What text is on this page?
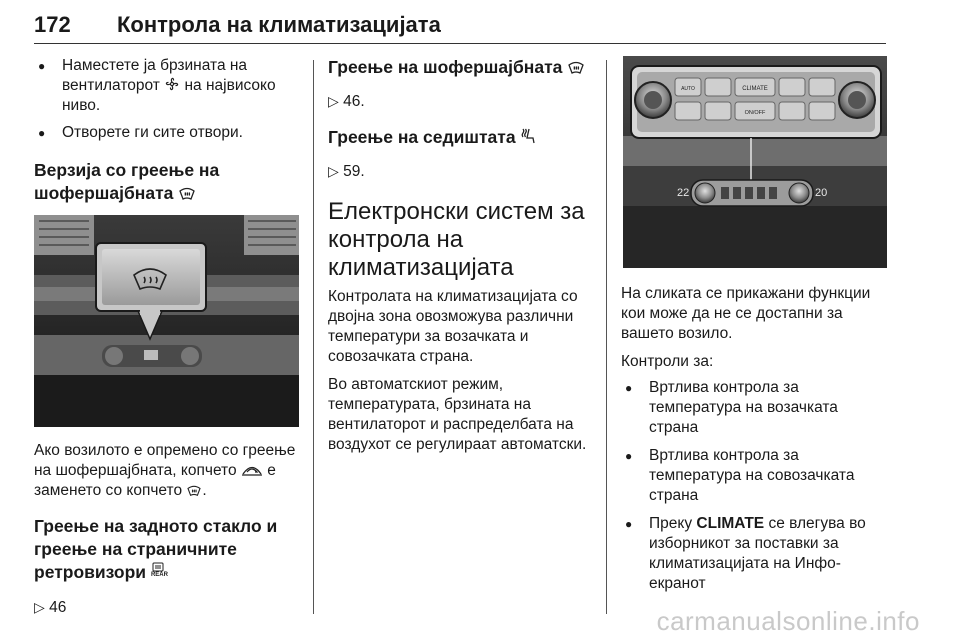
172 Контрола на климатизацијата
● Наместете ја брзината на вентилаторот на највисоко ниво.
● Отворете ги сите отвори.
Верзија со греење на шофершајбната

Ако возилото е опремено со греење на шофершајбната, копчето е заменето со копчето .

Греење на задното стакло и греење на страничните ретровизори REAR

▷ 46

Греење на шофершајбната

▷ 46.

Греење на седиштата

▷ 59.

Електронски систем за контрола на климатизацијата

Контролата на климатизацијата со двојна зона овозможува различни температури за возачката и совозачката страна.

Во автоматскиот режим, температурата, брзината на вентилаторот и распределбата на воздухот се регулираат автоматски.

CLIMATE
ON/OFF
AUTO
22	20

На сликата се прикажани функции кои може да не се достапни за вашето возило.

Контроли за:

● Вртлива контрола за температура на возачката страна
● Вртлива контрола за температура на совозачката страна
● Преку CLIMATE се влегува во изборникот за поставки за климатизацијата на Инфо-екранот
carmanualsonline.info
